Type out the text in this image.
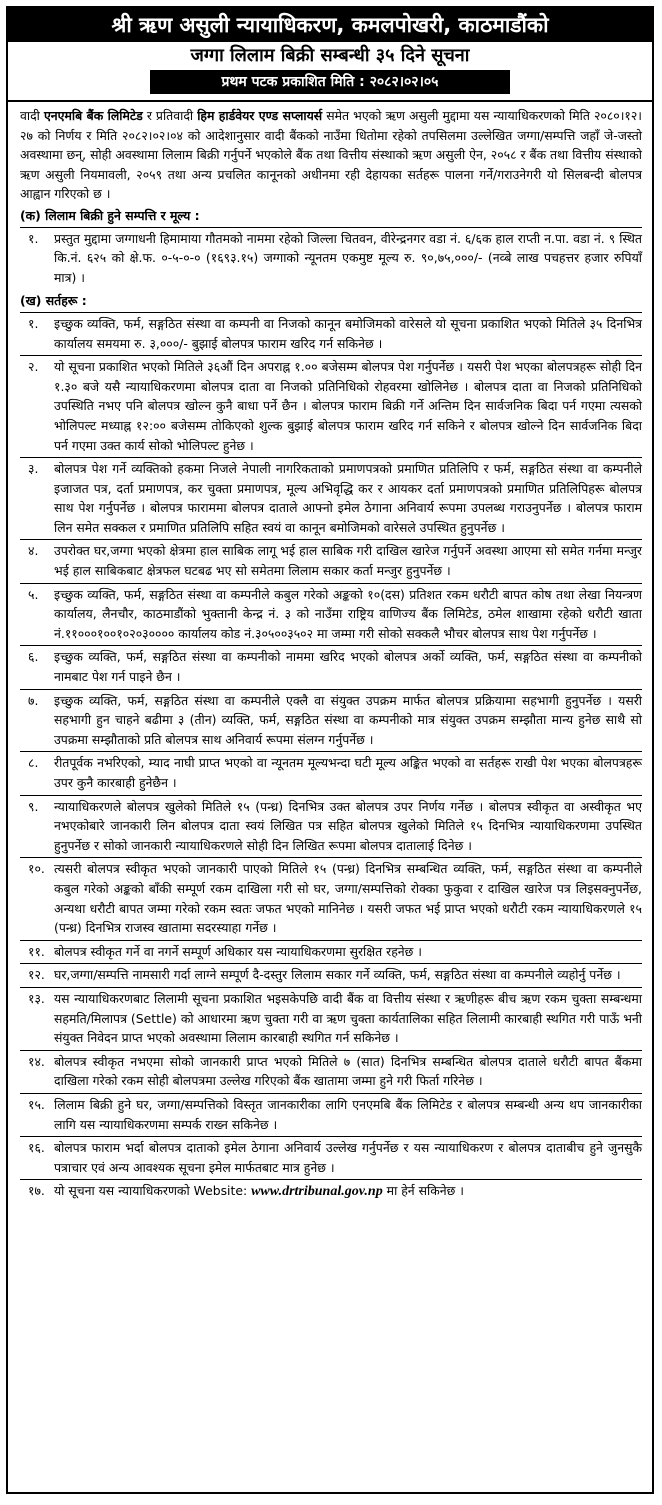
श्री ऋण असुली न्यायाधिकरण, कमलपोखरी, काठमाडौंको
जग्गा लिलाम बिक्री सम्बन्धी ३५ दिने सूचना
प्रथम पटक प्रकाशित मिति : २०८२।०२।०५

वादी एनएमबि बैंक लिमिटेड र प्रतिवादी हिम हार्डवेयर एण्ड सप्लायर्स समेत भएको ऋण असुली मुद्दामा यस न्यायाधिकरणको मिति २०८०।१२।२७ को निर्णय र मिति २०८२।०२।०४ को आदेशानुसार वादी बैंकको नाउँमा धितोमा रहेको तपसिलमा उल्लेखित जग्गा/सम्पत्ति जहाँ जे-जस्तो अवस्थामा छन्, सोही अवस्थामा लिलाम बिक्री गर्नुपर्ने भएकोले बैंक तथा वित्तीय संस्थाको ऋण असुली ऐन, २०५८ र बैंक तथा वित्तीय संस्थाको ऋण असुली नियमावली, २०५९ तथा अन्य प्रचलित कानूनको अधीनमा रही देहायका सर्तहरू पालना गर्ने/गराउनेगरी यो सिलबन्दी बोलपत्र आह्वान गरिएको छ ।

(क) लिलाम बिक्री हुने सम्पत्ति र मूल्य :
१.	प्रस्तुत मुद्दामा जग्गाधनी हिमामाया गौतमको नाममा रहेको जिल्ला चितवन, वीरेन्द्रनगर वडा नं. ६/६क हाल राप्ती न.पा. वडा नं. ९ स्थित कि.नं. ६२५ को क्षे.फ. ०-५-०-० (१६९३.१५) जग्गाको न्यूनतम एकमुष्ट मूल्य रु. ९०,७५,०००/- (नव्बे लाख पचहत्तर हजार रुपियाँ मात्र) ।
(ख) सर्तहरू :
१.	इच्छुक व्यक्ति, फर्म, सङ्गठित संस्था वा कम्पनी वा निजको कानून बमोजिमको वारेसले यो सूचना प्रकाशित भएको मितिले ३५ दिनभित्र कार्यालय समयमा रु. ३,०००/- बुझाई बोलपत्र फाराम खरिद गर्न सकिनेछ ।
२.	यो सूचना प्रकाशित भएको मितिले ३६औं दिन अपराह्न १.०० बजेसम्म बोलपत्र पेश गर्नुपर्नेछ । यसरी पेश भएका बोलपत्रहरू सोही दिन १.३० बजे यसै न्यायाधिकरणमा बोलपत्र दाता वा निजको प्रतिनिधिको रोहवरमा खोलिनेछ । बोलपत्र दाता वा निजको प्रतिनिधिको उपस्थिति नभए पनि बोलपत्र खोल्न कुनै बाधा पर्ने छैन । बोलपत्र फाराम बिक्री गर्ने अन्तिम दिन सार्वजनिक बिदा पर्न गएमा त्यसको भोलिपल्ट मध्याह्न १२:०० बजेसम्म तोकिएको शुल्क बुझाई बोलपत्र फाराम खरिद गर्न सकिने र बोलपत्र खोल्ने दिन सार्वजनिक बिदा पर्न गएमा उक्त कार्य सोको भोलिपल्ट हुनेछ ।
३.	बोलपत्र पेश गर्ने व्यक्तिको हकमा निजले नेपाली नागरिकताको प्रमाणपत्रको प्रमाणित प्रतिलिपि र फर्म, सङ्गठित संस्था वा कम्पनीले इजाजत पत्र, दर्ता प्रमाणपत्र, कर चुक्ता प्रमाणपत्र, मूल्य अभिवृद्धि कर र आयकर दर्ता प्रमाणपत्रको प्रमाणित प्रतिलिपिहरू बोलपत्र साथ पेश गर्नुपर्नेछ । बोलपत्र फाराममा बोलपत्र दाताले आफ्नो इमेल ठेगाना अनिवार्य रूपमा उपलब्ध गराउनुपर्नेछ । बोलपत्र फाराम लिन समेत सक्कल र प्रमाणित प्रतिलिपि सहित स्वयं वा कानून बमोजिमको वारेसले उपस्थित हुनुपर्नेछ ।
४.	उपरोक्त घर,जग्गा भएको क्षेत्रमा हाल साबिक लागू भई हाल साबिक गरी दाखिल खारेज गर्नुपर्ने अवस्था आएमा सो समेत गर्नमा मन्जुर भई हाल साबिकबाट क्षेत्रफल घटबढ भए सो समेतमा लिलाम सकार कर्ता मन्जुर हुनुपर्नेछ ।
५.	इच्छुक व्यक्ति, फर्म, सङ्गठित संस्था वा कम्पनीले कबुल गरेको अङ्कको १०(दस) प्रतिशत रकम धरौटी बापत कोष तथा लेखा नियन्त्रण कार्यालय, लैनचौर, काठमाडौंको भुक्तानी केन्द्र नं. ३ को नाउँमा राष्ट्रिय वाणिज्य बैंक लिमिटेड, ठमेल शाखामा रहेको धरौटी खाता नं.११०००१००१०२०३०००० कार्यालय कोड नं.३०५००३५०२ मा जम्मा गरी सोको सक्कलै भौचर बोलपत्र साथ पेश गर्नुपर्नेछ ।
६.	इच्छुक व्यक्ति, फर्म, सङ्गठित संस्था वा कम्पनीको नाममा खरिद भएको बोलपत्र अर्को व्यक्ति, फर्म, सङ्गठित संस्था वा कम्पनीको नामबाट पेश गर्न पाइने छैन ।
७.	इच्छुक व्यक्ति, फर्म, सङ्गठित संस्था वा कम्पनीले एक्लै वा संयुक्त उपक्रम मार्फत बोलपत्र प्रक्रियामा सहभागी हुनुपर्नेछ । यसरी सहभागी हुन चाहने बढीमा ३ (तीन) व्यक्ति, फर्म, सङ्गठित संस्था वा कम्पनीको मात्र संयुक्त उपक्रम सम्झौता मान्य हुनेछ साथै सो उपक्रमा सम्झौताको प्रति बोलपत्र साथ अनिवार्य रूपमा संलग्न गर्नुपर्नेछ ।
८.	रीतपूर्वक नभरिएको, म्याद नाघी प्राप्त भएको वा न्यूनतम मूल्यभन्दा घटी मूल्य अङ्कित भएको वा सर्तहरू राखी पेश भएका बोलपत्रहरू उपर कुनै कारबाही हुनेछैन ।
९.	न्यायाधिकरणले बोलपत्र खुलेको मितिले १५ (पन्ध्र) दिनभित्र उक्त बोलपत्र उपर निर्णय गर्नेछ । बोलपत्र स्वीकृत वा अस्वीकृत भए नभएकोबारे जानकारी लिन बोलपत्र दाता स्वयं लिखित पत्र सहित बोलपत्र खुलेको मितिले १५ दिनभित्र न्यायाधिकरणमा उपस्थित हुनुपर्नेछ र सोको जानकारी न्यायाधिकरणले सोही दिन लिखित रूपमा बोलपत्र दातालाई दिनेछ ।
१०. त्यसरी बोलपत्र स्वीकृत भएको जानकारी पाएको मितिले १५ (पन्ध्र) दिनभित्र सम्बन्धित व्यक्ति, फर्म, सङ्गठित संस्था वा कम्पनीले कबुल गरेको अङ्कको बाँकी सम्पूर्ण रकम दाखिला गरी सो घर, जग्गा/सम्पत्तिको रोक्का फुकुवा र दाखिल खारेज पत्र लिइसक्नुपर्नेछ, अन्यथा धरौटी बापत जम्मा गरेको रकम स्वतः जफत भएको मानिनेछ । यसरी जफत भई प्राप्त भएको धरौटी रकम न्यायाधिकरणले १५ (पन्ध्र) दिनभित्र राजस्व खातामा सदरस्याहा गर्नेछ ।
११. बोलपत्र स्वीकृत गर्ने वा नगर्ने सम्पूर्ण अधिकार यस न्यायाधिकरणमा सुरक्षित रहनेछ ।
१२. घर,जग्गा/सम्पत्ति नामसारी गर्दा लाग्ने सम्पूर्ण दै-दस्तुर लिलाम सकार गर्ने व्यक्ति, फर्म, सङ्गठित संस्था वा कम्पनीले व्यहोर्नु पर्नेछ ।
१३. यस न्यायाधिकरणबाट लिलामी सूचना प्रकाशित भइसकेपछि वादी बैंक वा वित्तीय संस्था र ऋणीहरू बीच ऋण रकम चुक्ता सम्बन्धमा सहमति/मिलापत्र (Settle) को आधारमा ऋण चुक्ता गरी वा ऋण चुक्ता कार्यतालिका सहित लिलामी कारबाही स्थगित गरी पाऊँ भनी संयुक्त निवेदन प्राप्त भएको अवस्थामा लिलाम कारबाही स्थगित गर्न सकिनेछ ।
१४. बोलपत्र स्वीकृत नभएमा सोको जानकारी प्राप्त भएको मितिले ७ (सात) दिनभित्र सम्बन्धित बोलपत्र दाताले धरौटी बापत बैंकमा दाखिला गरेको रकम सोही बोलपत्रमा उल्लेख गरिएको बैंक खातामा जम्मा हुने गरी फिर्ता गरिनेछ ।
१५. लिलाम बिक्री हुने घर, जग्गा/सम्पत्तिको विस्तृत जानकारीका लागि एनएमबि बैंक लिमिटेड र बोलपत्र सम्बन्धी अन्य थप जानकारीका लागि यस न्यायाधिकरणमा सम्पर्क राख्न सकिनेछ ।
१६. बोलपत्र फाराम भर्दा बोलपत्र दाताको इमेल ठेगाना अनिवार्य उल्लेख गर्नुपर्नेछ र यस न्यायाधिकरण र बोलपत्र दाताबीच हुने जुनसुकै पत्राचार एवं अन्य आवश्यक सूचना इमेल मार्फतबाट मात्र हुनेछ ।
१७. यो सूचना यस न्यायाधिकरणको Website: www.drtribunal.gov.np मा हेर्न सकिनेछ ।
